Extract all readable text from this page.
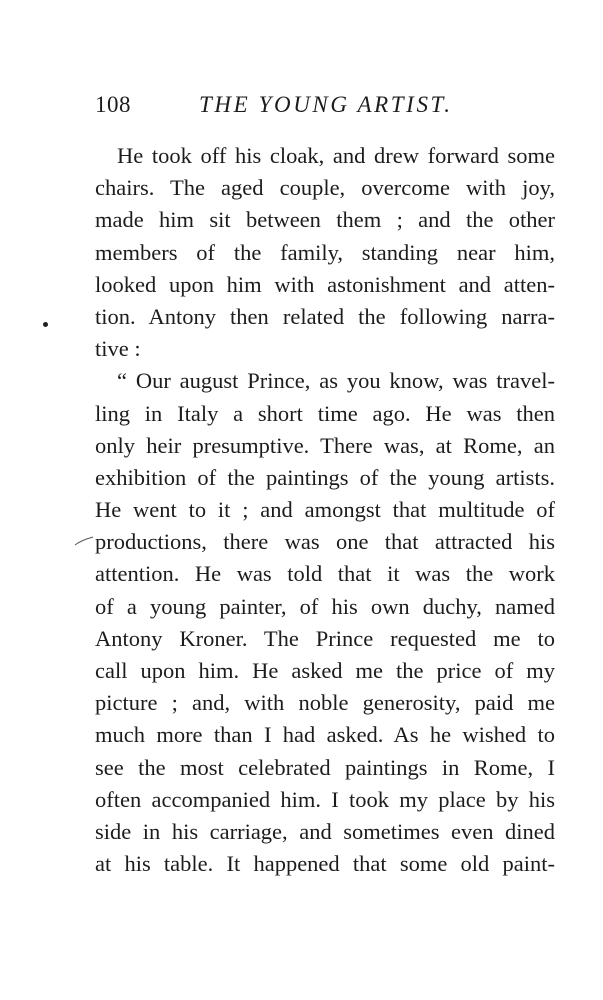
108	THE YOUNG ARTIST.
He took off his cloak, and drew forward some
chairs. The aged couple, overcome with joy,
made him sit between them ; and the other
members of the family, standing near him,
looked upon him with astonishment and atten-
tion. Antony then related the following narra-
tive :
“ Our august Prince, as you know, was travel-
ling in Italy a short time ago. He was then
only heir presumptive. There was, at Rome, an
exhibition of the paintings of the young artists.
He went to it ; and amongst that multitude of
productions, there was one that attracted his
attention. He was told that it was the work
of a young painter, of his own duchy, named
Antony Kroner. The Prince requested me to
call upon him. He asked me the price of my
picture ; and, with noble generosity, paid me
much more than I had asked. As he wished to
see the most celebrated paintings in Rome, I
often accompanied him. I took my place by his
side in his carriage, and sometimes even dined
at his table. It happened that some old paint-
